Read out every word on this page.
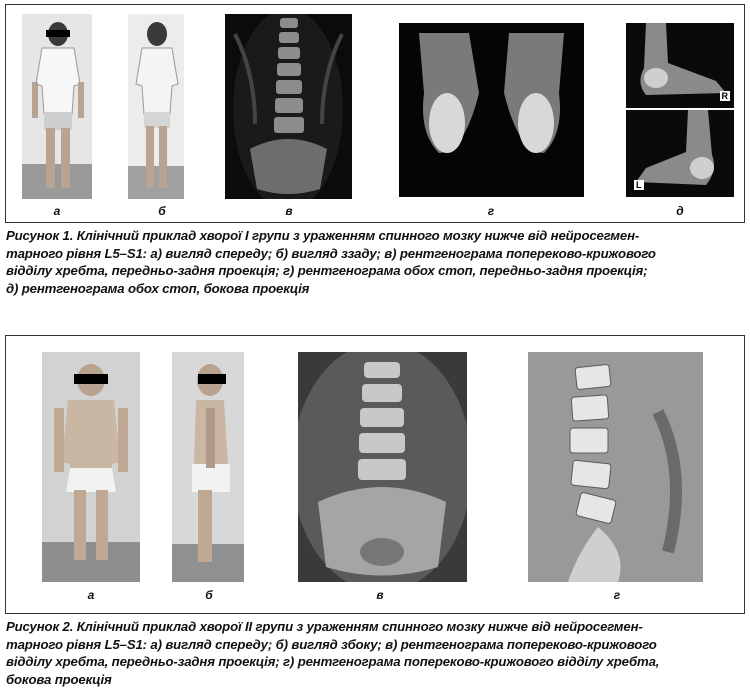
а	б	в	г
R
L
д
Рисунок 1. Клінічний приклад хворої І групи з ураженням спинного мозку нижче від нейросегмен-
тарного рівня L5–S1: а) вигляд спереду; б) вигляд ззаду; в) рентгенограма попереково-крижового
відділу хребта, передньо-задня проекція; г) рентгенограма обох стоп, передньо-задня проекція;
д) рентгенограма обох стоп, бокова проекція
а	б	в	г
Рисунок 2. Клінічний приклад хворої ІІ групи з ураженням спинного мозку нижче від нейросегмен-
тарного рівня L5–S1: а) вигляд спереду; б) вигляд збоку; в) рентгенограма попереково-крижового
відділу хребта, передньо-задня проекція; г) рентгенограма попереково-крижового відділу хребта,
бокова проекція
